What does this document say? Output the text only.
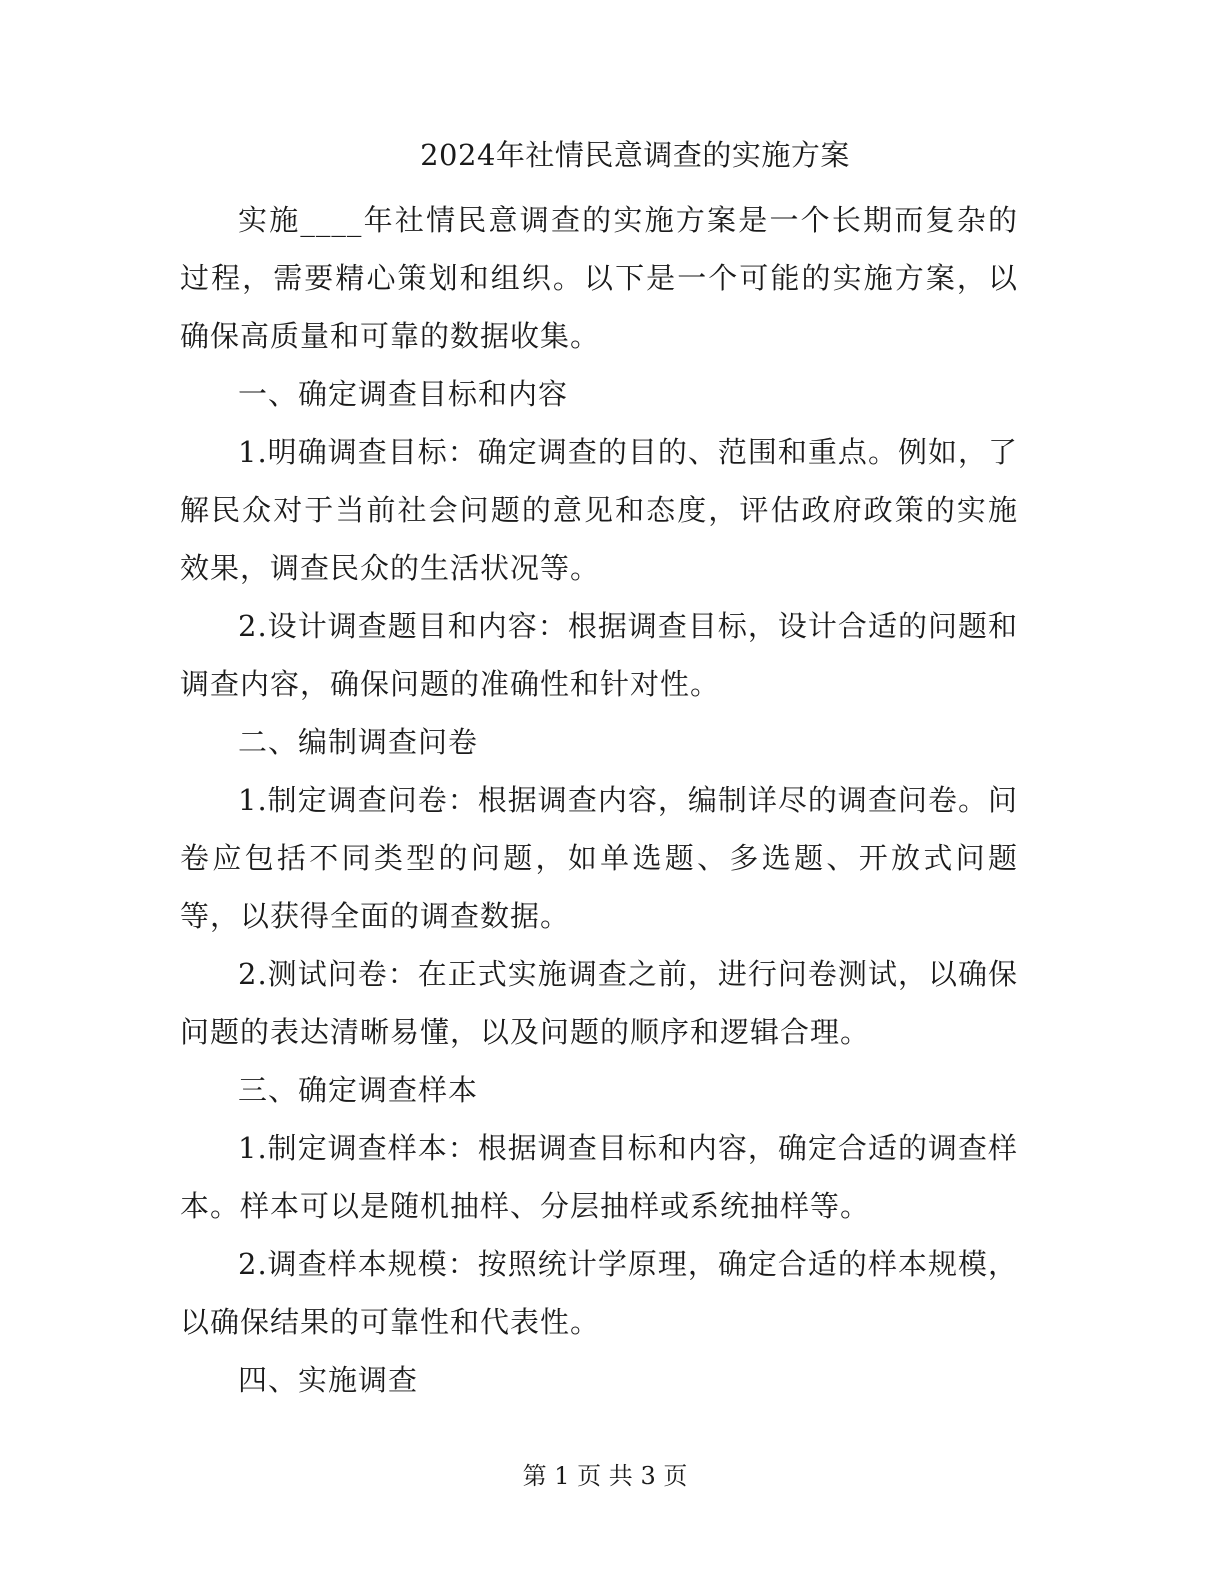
2024年社情民意调查的实施方案

实施____年社情民意调查的实施方案是一个长期而复杂的过程，需要精心策划和组织。以下是一个可能的实施方案，以确保高质量和可靠的数据收集。

一、确定调查目标和内容

1.明确调查目标：确定调查的目的、范围和重点。例如，了解民众对于当前社会问题的意见和态度，评估政府政策的实施效果，调查民众的生活状况等。

2.设计调查题目和内容：根据调查目标，设计合适的问题和调查内容，确保问题的准确性和针对性。

二、编制调查问卷

1.制定调查问卷：根据调查内容，编制详尽的调查问卷。问卷应包括不同类型的问题，如单选题、多选题、开放式问题等，以获得全面的调查数据。

2.测试问卷：在正式实施调查之前，进行问卷测试，以确保问题的表达清晰易懂，以及问题的顺序和逻辑合理。

三、确定调查样本

1.制定调查样本：根据调查目标和内容，确定合适的调查样本。样本可以是随机抽样、分层抽样或系统抽样等。

2.调查样本规模：按照统计学原理，确定合适的样本规模，以确保结果的可靠性和代表性。

四、实施调查

第 1 页 共 3 页
